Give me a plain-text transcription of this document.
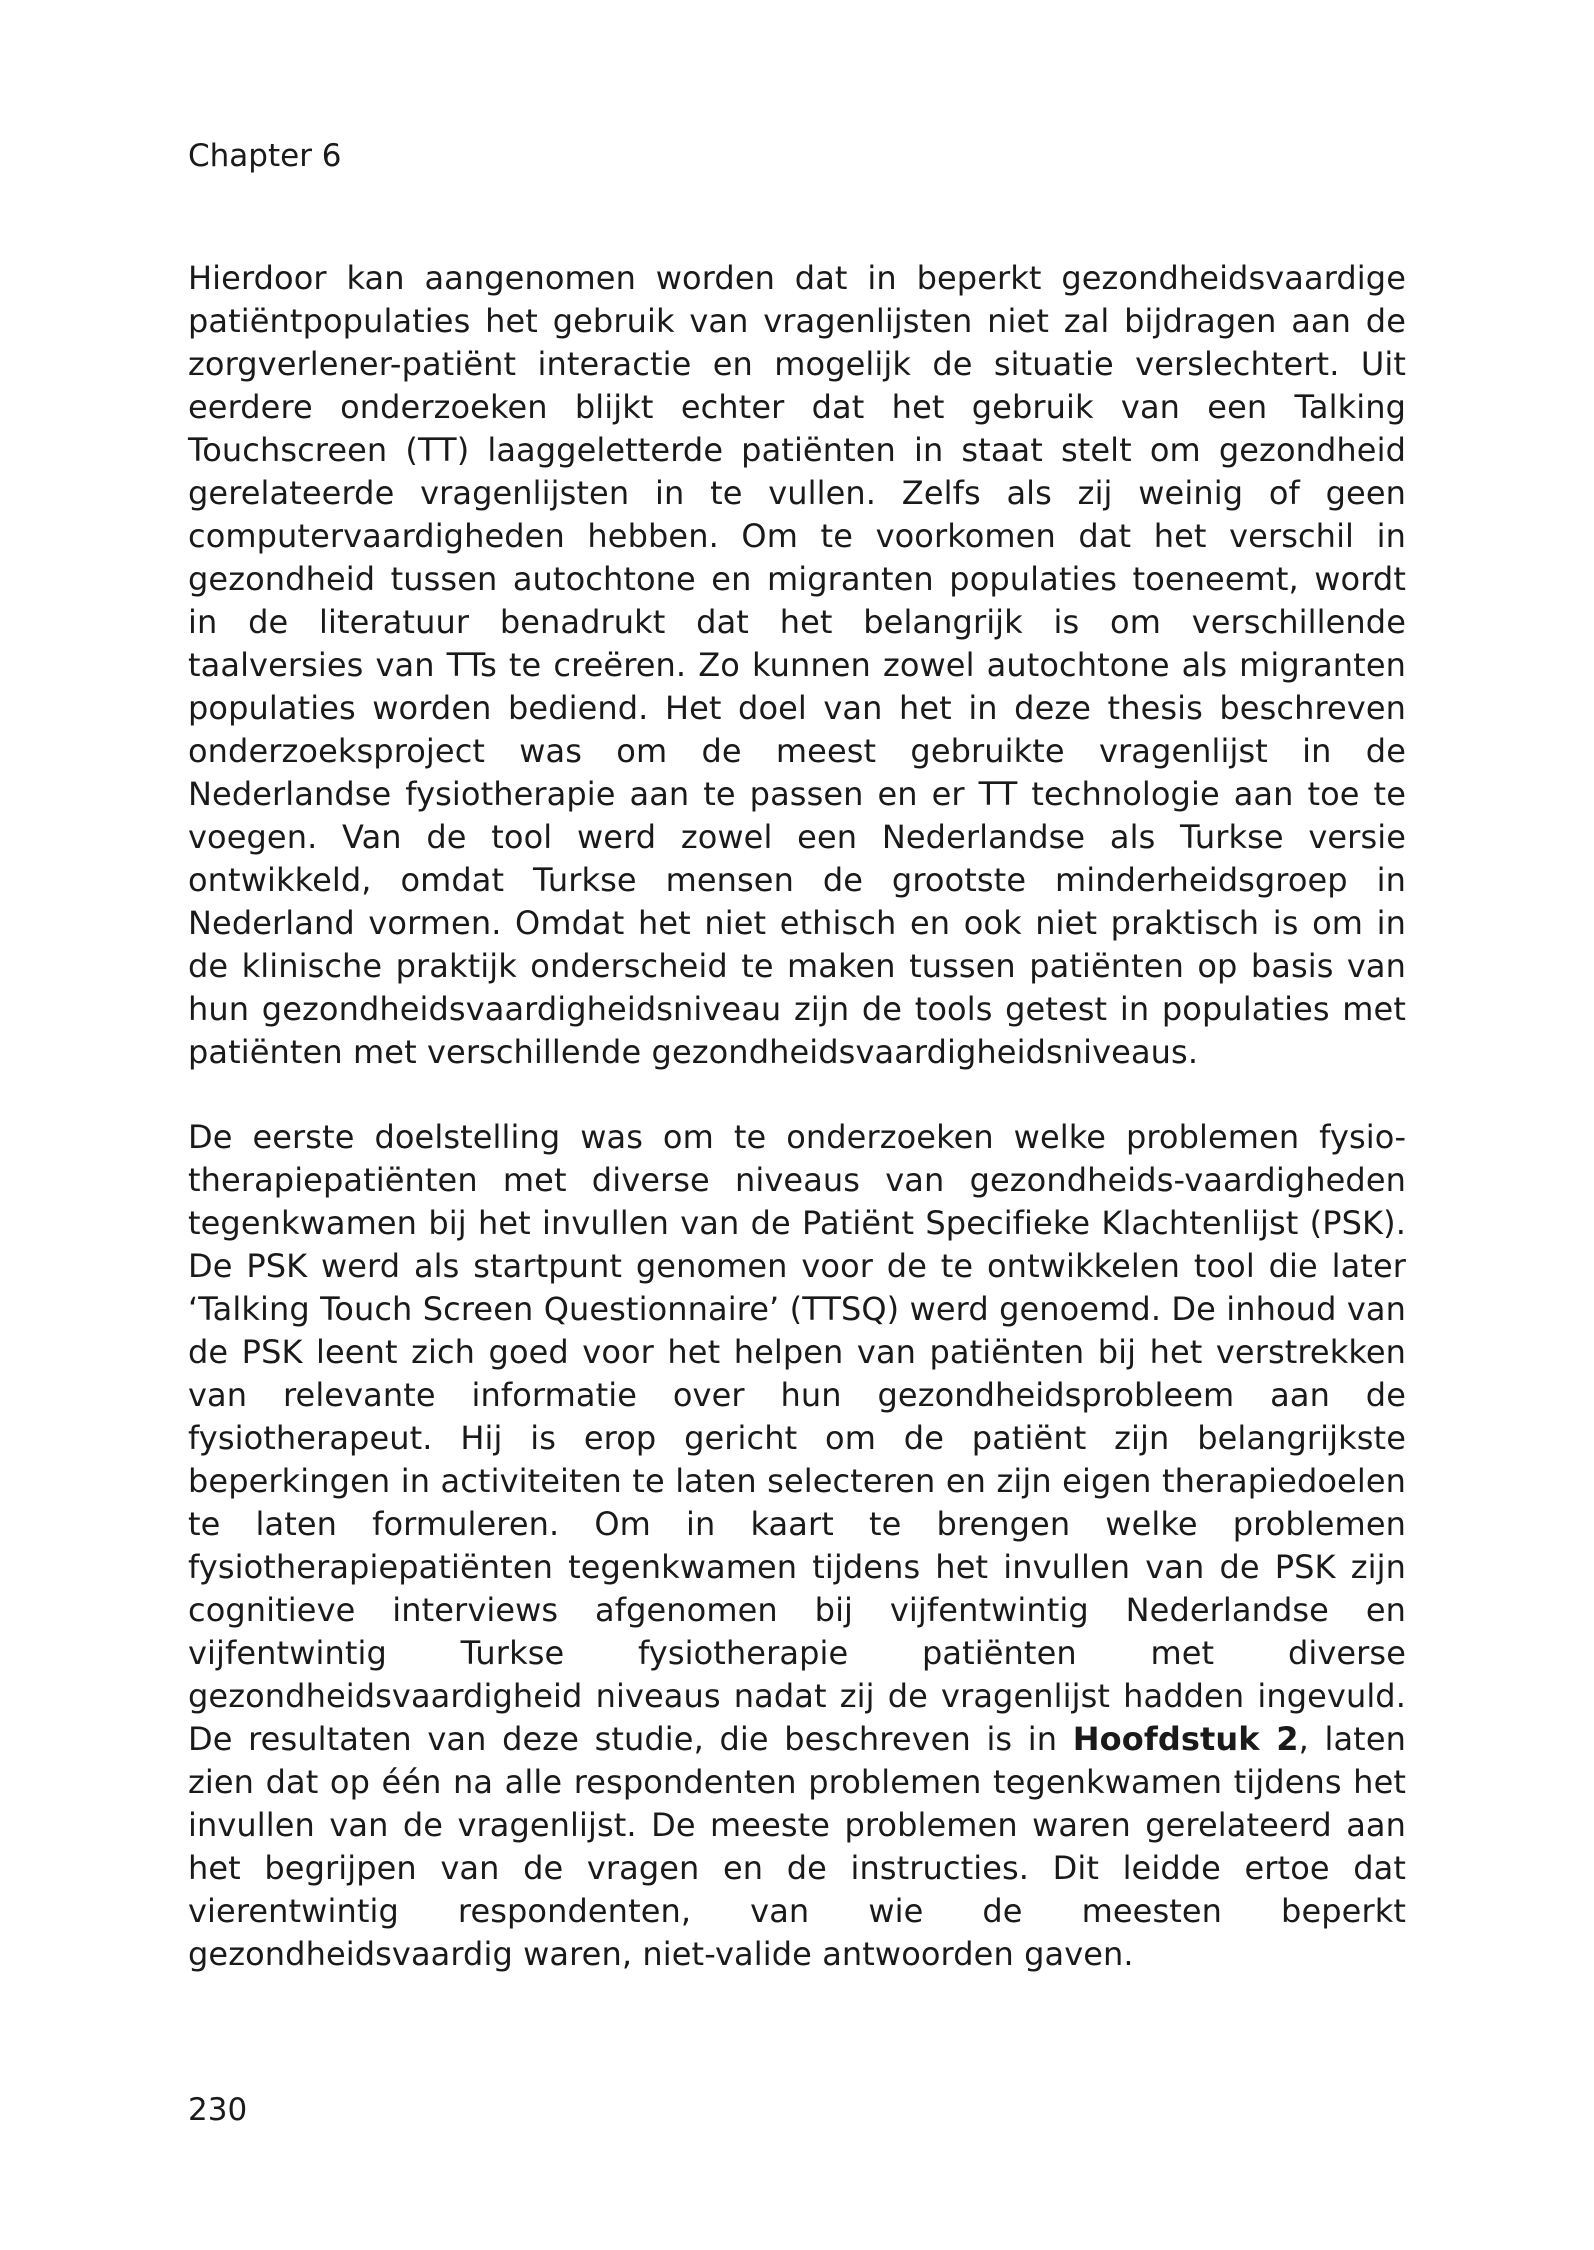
Chapter 6

Hierdoor kan aangenomen worden dat in beperkt gezondheidsvaardige patiëntpopulaties het gebruik van vragenlijsten niet zal bijdragen aan de zorgverlener-patiënt interactie en mogelijk de situatie verslechtert. Uit eerdere onderzoeken blijkt echter dat het gebruik van een Talking Touchscreen (TT) laaggeletterde patiënten in staat stelt om gezondheid gerelateerde vragenlijsten in te vullen. Zelfs als zij weinig of geen computervaardigheden hebben. Om te voorkomen dat het verschil in gezondheid tussen autochtone en migranten populaties toeneemt, wordt in de literatuur benadrukt dat het belangrijk is om verschillende taalversies van TTs te creëren. Zo kunnen zowel autochtone als migranten populaties worden bediend. Het doel van het in deze thesis beschreven onderzoeksproject was om de meest gebruikte vragenlijst in de Nederlandse fysiotherapie aan te passen en er TT technologie aan toe te voegen. Van de tool werd zowel een Nederlandse als Turkse versie ontwikkeld, omdat Turkse mensen de grootste minderheidsgroep in Nederland vormen. Omdat het niet ethisch en ook niet praktisch is om in de klinische praktijk onderscheid te maken tussen patiënten op basis van hun gezondheidsvaardigheidsniveau zijn de tools getest in populaties met patiënten met verschillende gezondheidsvaardigheidsniveaus.

De eerste doelstelling was om te onderzoeken welke problemen fysiotherapiepatiënten met diverse niveaus van gezondheids-vaardigheden tegenkwamen bij het invullen van de Patiënt Specifieke Klachtenlijst (PSK). De PSK werd als startpunt genomen voor de te ontwikkelen tool die later ‘Talking Touch Screen Questionnaire’ (TTSQ) werd genoemd. De inhoud van de PSK leent zich goed voor het helpen van patiënten bij het verstrekken van relevante informatie over hun gezondheidsprobleem aan de fysiotherapeut. Hij is erop gericht om de patiënt zijn belangrijkste beperkingen in activiteiten te laten selecteren en zijn eigen therapiedoelen te laten formuleren. Om in kaart te brengen welke problemen fysiotherapiepatiënten tegenkwamen tijdens het invullen van de PSK zijn cognitieve interviews afgenomen bij vijfentwintig Nederlandse en vijfentwintig Turkse fysiotherapie patiënten met diverse gezondheidsvaardigheid niveaus nadat zij de vragenlijst hadden ingevuld. De resultaten van deze studie, die beschreven is in Hoofdstuk 2, laten zien dat op één na alle respondenten problemen tegenkwamen tijdens het invullen van de vragenlijst. De meeste problemen waren gerelateerd aan het begrijpen van de vragen en de instructies. Dit leidde ertoe dat vierentwintig respondenten, van wie de meesten beperkt gezondheidsvaardig waren, niet-valide antwoorden gaven.

230
